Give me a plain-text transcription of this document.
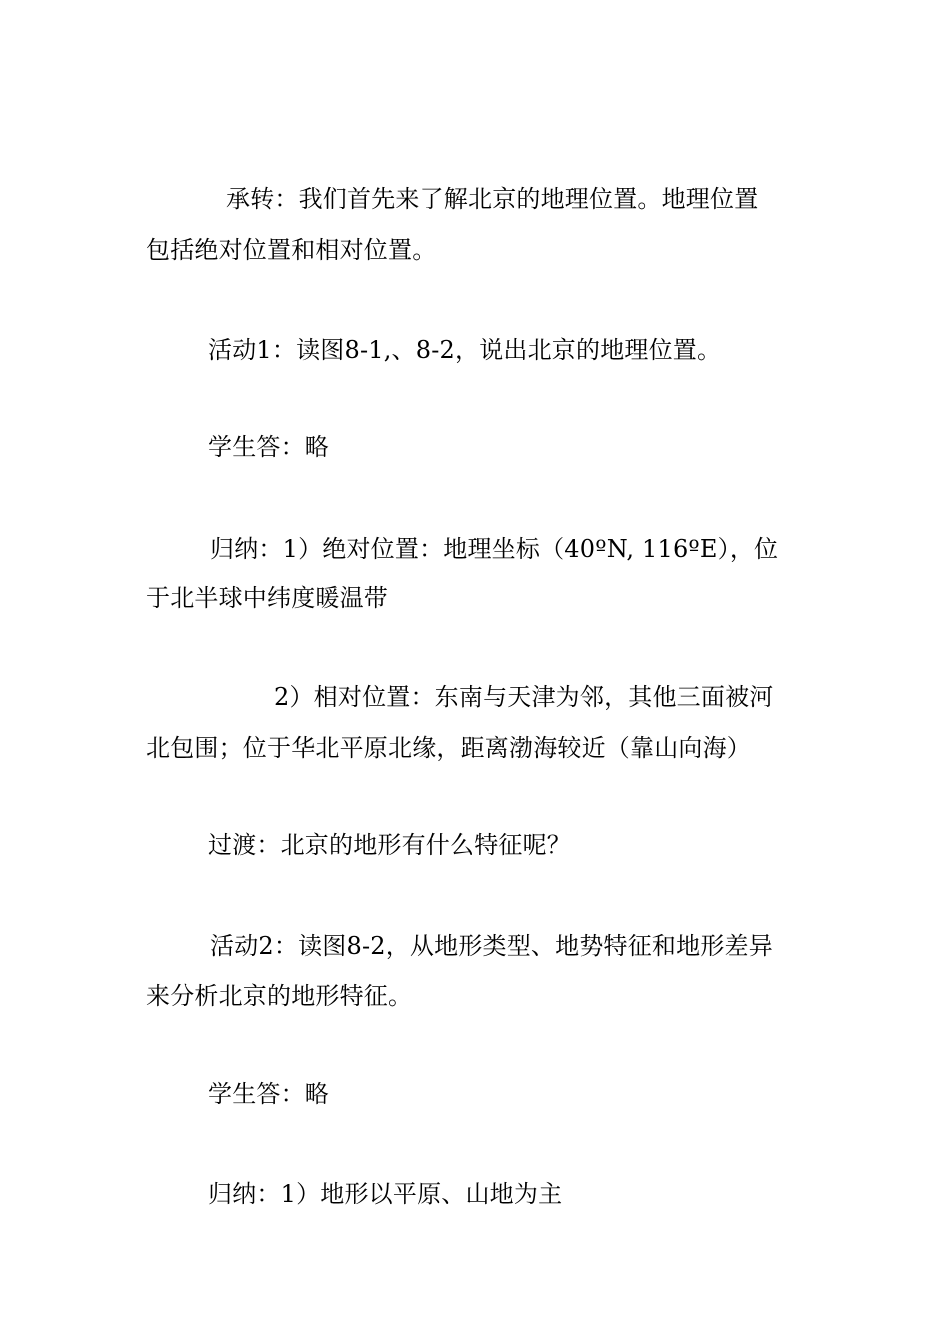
承转：我们首先来了解北京的地理位置。地理位置
包括绝对位置和相对位置。
活动1：读图8-1,、8-2，说出北京的地理位置。
学生答：略
归纳：1）绝对位置：地理坐标（40ºN, 116ºE），位
于北半球中纬度暖温带
2）相对位置：东南与天津为邻，其他三面被河
北包围；位于华北平原北缘，距离渤海较近（靠山向海）
过渡：北京的地形有什么特征呢？
活动2：读图8-2，从地形类型、地势特征和地形差异
来分析北京的地形特征。
学生答：略
归纳：1）地形以平原、山地为主
